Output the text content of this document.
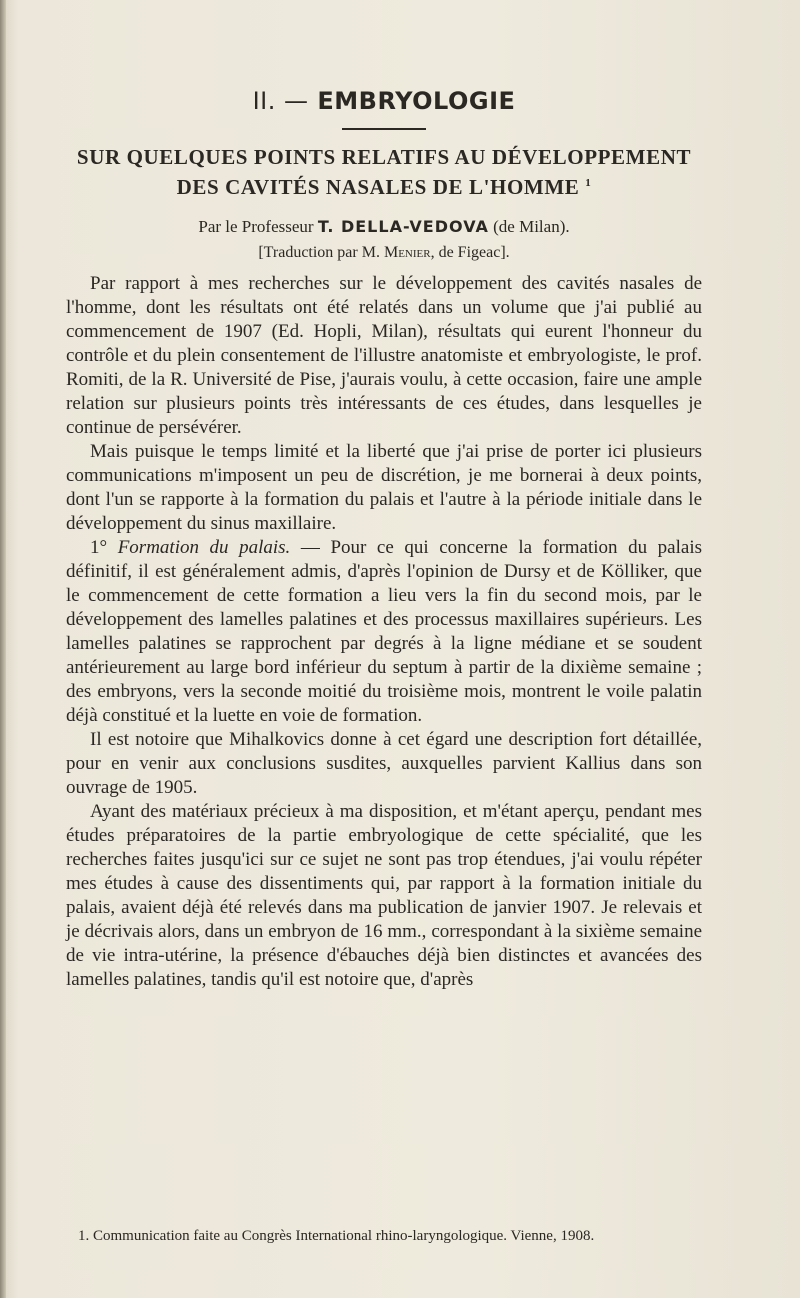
II. — EMBRYOLOGIE
SUR QUELQUES POINTS RELATIFS AU DÉVELOPPEMENT
DES CAVITÉS NASALES DE L'HOMME $^1$
Par le Professeur T. DELLA-VEDOVA (de Milan).
[Traduction par M. Menier, de Figeac].

Par rapport à mes recherches sur le développement des cavités nasales de l'homme, dont les résultats ont été relatés dans un volume que j'ai publié au commencement de 1907 (Ed. Hopli, Milan), résultats qui eurent l'honneur du contrôle et du plein consentement de l'illustre anatomiste et embryologiste, le prof. Romiti, de la R. Université de Pise, j'aurais voulu, à cette occasion, faire une ample relation sur plusieurs points très intéressants de ces études, dans lesquelles je continue de persévérer.

Mais puisque le temps limité et la liberté que j'ai prise de porter ici plusieurs communications m'imposent un peu de discrétion, je me bornerai à deux points, dont l'un se rapporte à la formation du palais et l'autre à la période initiale dans le développement du sinus maxillaire.

1° Formation du palais. — Pour ce qui concerne la formation du palais définitif, il est généralement admis, d'après l'opinion de Dursy et de Kölliker, que le commencement de cette formation a lieu vers la fin du second mois, par le développement des lamelles palatines et des processus maxillaires supérieurs. Les lamelles palatines se rapprochent par degrés à la ligne médiane et se soudent antérieurement au large bord inférieur du septum à partir de la dixième semaine ; des embryons, vers la seconde moitié du troisième mois, montrent le voile palatin déjà constitué et la luette en voie de formation.

Il est notoire que Mihalkovics donne à cet égard une description fort détaillée, pour en venir aux conclusions susdites, auxquelles parvient Kallius dans son ouvrage de 1905.

Ayant des matériaux précieux à ma disposition, et m'étant aperçu, pendant mes études préparatoires de la partie embryologique de cette spécialité, que les recherches faites jusqu'ici sur ce sujet ne sont pas trop étendues, j'ai voulu répéter mes études à cause des dissentiments qui, par rapport à la formation initiale du palais, avaient déjà été relevés dans ma publication de janvier 1907. Je relevais et je décrivais alors, dans un embryon de 16 mm., correspondant à la sixième semaine de vie intra-utérine, la présence d'ébauches déjà bien distinctes et avancées des lamelles palatines, tandis qu'il est notoire que, d'après

1. Communication faite au Congrès International rhino-laryngologique. Vienne, 1908.
